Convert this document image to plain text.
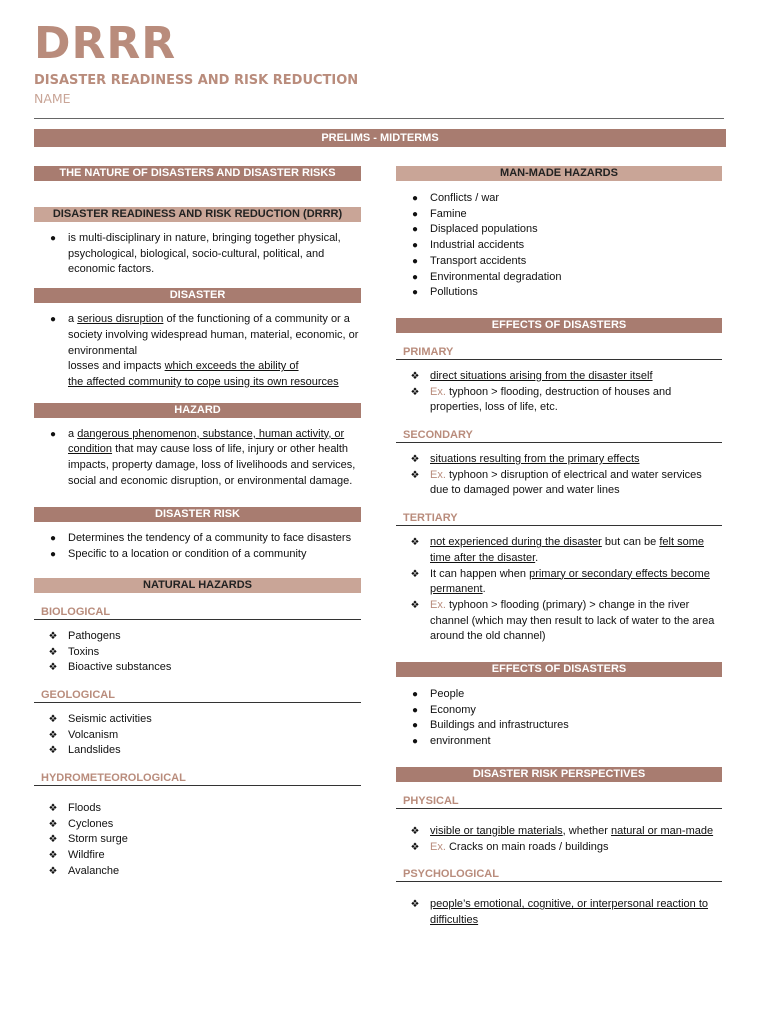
DRRR
DISASTER READINESS AND RISK REDUCTION
NAME
PRELIMS - MIDTERMS
THE NATURE OF DISASTERS AND DISASTER RISKS
DISASTER READINESS AND RISK REDUCTION (DRRR)
●	is multi-disciplinary in nature, bringing together physical, psychological, biological, socio-cultural, political, and economic factors.
DISASTER
●	a serious disruption of the functioning of a community or a society involving widespread human, material, economic, or environmental
losses and impacts which exceeds the ability of
the affected community to cope using its own resources
HAZARD
●	a dangerous phenomenon, substance, human activity, or condition that may cause loss of life, injury or other health impacts, property damage, loss of livelihoods and services, social and economic disruption, or environmental damage.
DISASTER RISK
●	Determines the tendency of a community to face disasters
●	Specific to a location or condition of a community
NATURAL HAZARDS
BIOLOGICAL
❖ Pathogens
❖ Toxins
❖ Bioactive substances
GEOLOGICAL
❖ Seismic activities
❖ Volcanism
❖ Landslides
HYDROMETEOROLOGICAL
❖ Floods
❖ Cyclones
❖ Storm surge
❖ Wildfire
❖ Avalanche
MAN-MADE HAZARDS
●	Conflicts / war
●	Famine
●	Displaced populations
●	Industrial accidents
●	Transport accidents
●	Environmental degradation
●	Pollutions
EFFECTS OF DISASTERS
PRIMARY
❖ direct situations arising from the disaster itself
❖ Ex. typhoon > flooding, destruction of houses and properties, loss of life, etc.
SECONDARY
❖ situations resulting from the primary effects
❖ Ex. typhoon > disruption of electrical and water services due to damaged power and water lines
TERTIARY
❖ not experienced during the disaster but can be felt some time after the disaster.
❖ It can happen when primary or secondary effects become permanent.
❖ Ex. typhoon > flooding (primary) > change in the river channel (which may then result to lack of water to the area around the old channel)
EFFECTS OF DISASTERS
●	People
●	Economy
●	Buildings and infrastructures
●	environment
DISASTER RISK PERSPECTIVES
PHYSICAL
❖ visible or tangible materials, whether natural or man-made
❖ Ex. Cracks on main roads / buildings
PSYCHOLOGICAL
❖ people’s emotional, cognitive, or interpersonal reaction to difficulties
